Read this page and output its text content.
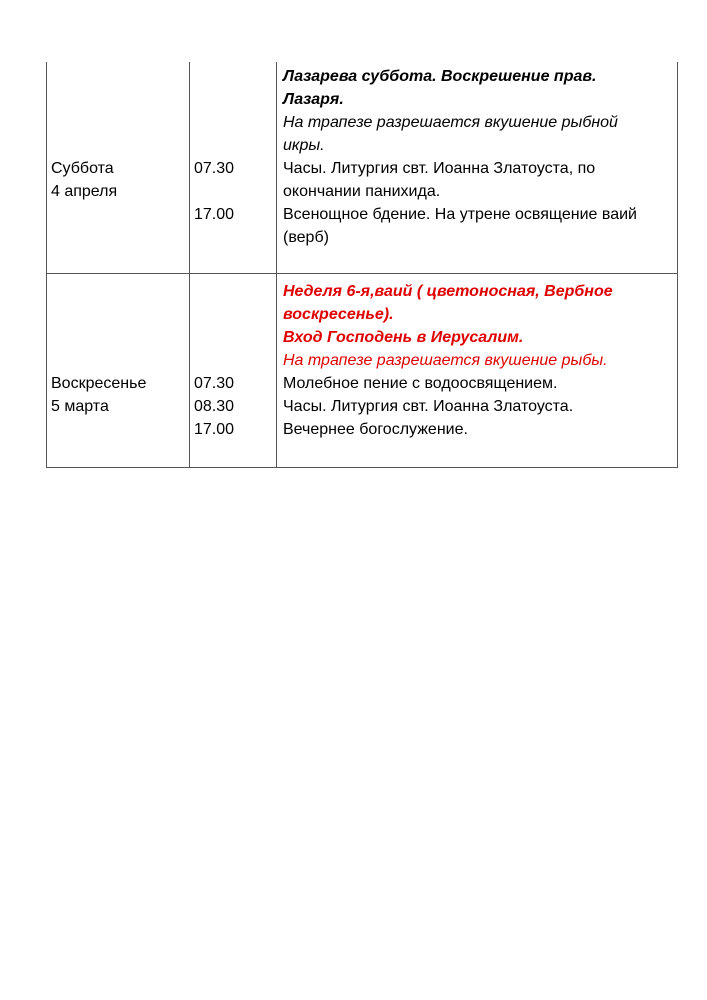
Суббота
4 апреля
07.30
17.00
Лазарева суббота. Воскрешение прав.
Лазаря.
На трапезе разрешается вкушение рыбной
икры.
Часы. Литургия свт. Иоанна Златоуста, по
окончании панихида.
Всенощное бдение. На утрене освящение ваий
(верб)
Воскресенье
5 марта
07.30
08.30
17.00
Неделя 6-я,ваий ( цветоносная, Вербное
воскресенье).
Вход Господень в Иерусалим.
На трапезе разрешается вкушение рыбы.
Молебное пение с водоосвящением.
Часы. Литургия свт. Иоанна Златоуста.
Вечернее богослужение.
